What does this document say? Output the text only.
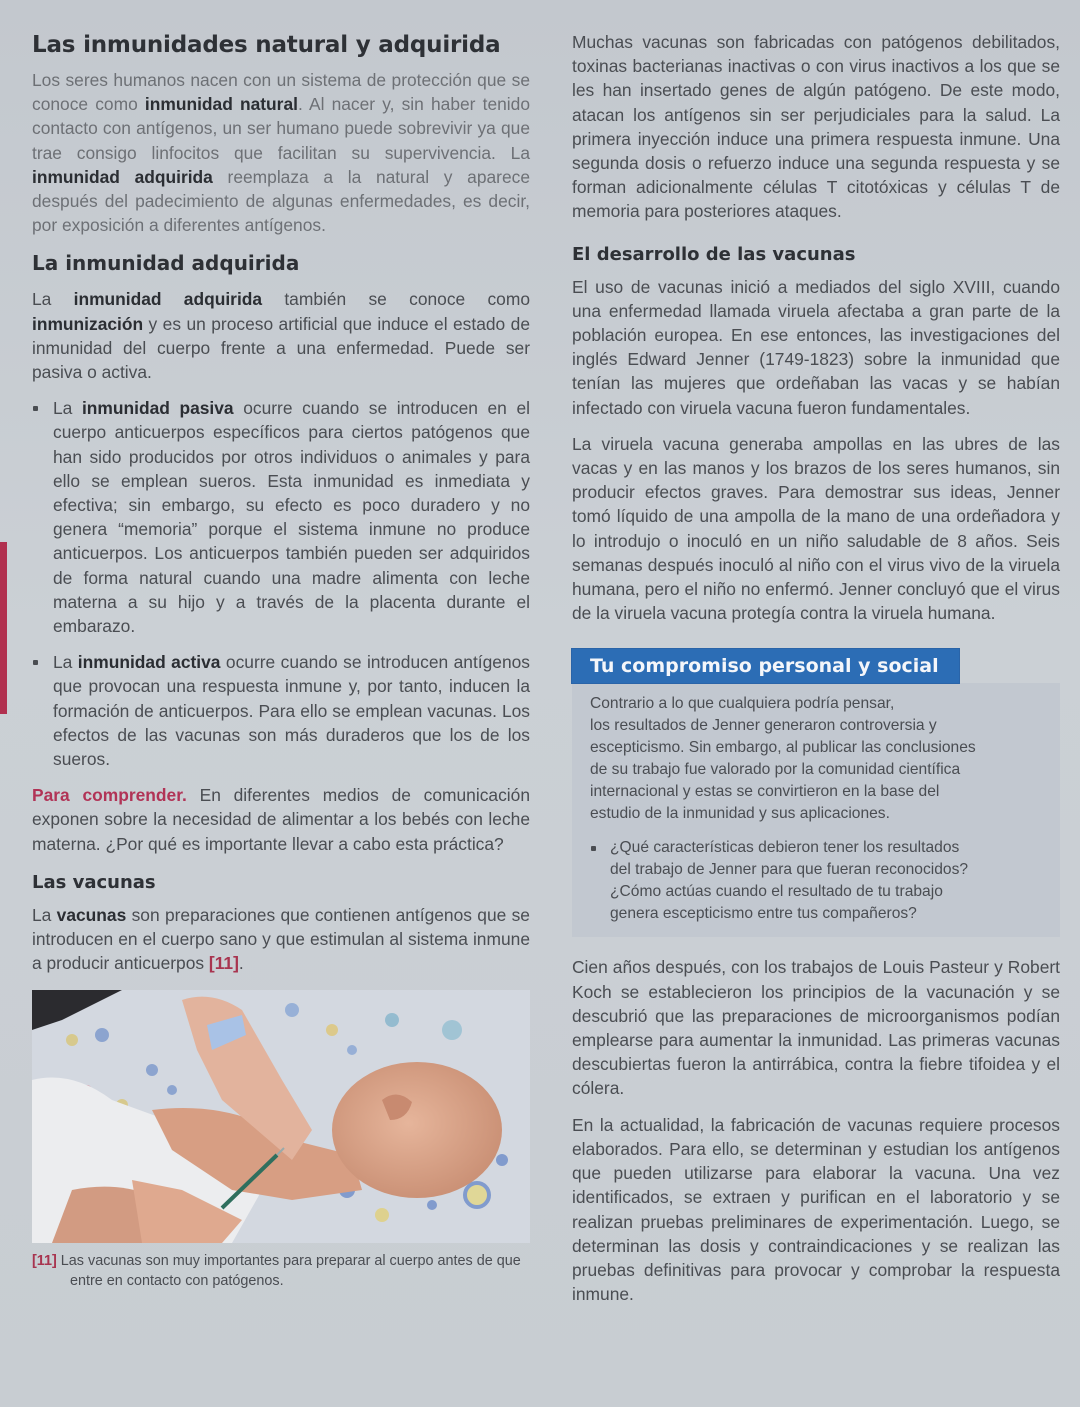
Las inmunidades natural y adquirida

Los seres humanos nacen con un sistema de protección que se conoce como inmunidad natural. Al nacer y, sin haber tenido contacto con antígenos, un ser humano puede sobrevivir ya que trae consigo linfocitos que facilitan su supervivencia. La inmunidad adquirida reemplaza a la natural y aparece después del padecimiento de algunas enfermedades, es decir, por exposición a diferentes antígenos.

La inmunidad adquirida

La inmunidad adquirida también se conoce como inmunización y es un proceso artificial que induce el estado de inmunidad del cuerpo frente a una enfermedad. Puede ser pasiva o activa.

La inmunidad pasiva ocurre cuando se introducen en el cuerpo anticuerpos específicos para ciertos patógenos que han sido producidos por otros individuos o animales y para ello se emplean sueros. Esta inmunidad es inmediata y efectiva; sin embargo, su efecto es poco duradero y no genera “memoria” porque el sistema inmune no produce anticuerpos. Los anticuerpos también pueden ser adquiridos de forma natural cuando una madre alimenta con leche materna a su hijo y a través de la placenta durante el embarazo.

La inmunidad activa ocurre cuando se introducen antígenos que provocan una respuesta inmune y, por tanto, inducen la formación de anticuerpos. Para ello se emplean vacunas. Los efectos de las vacunas son más duraderos que los de los sueros.

Para comprender. En diferentes medios de comunicación exponen sobre la necesidad de alimentar a los bebés con leche materna. ¿Por qué es importante llevar a cabo esta práctica?

Las vacunas

La vacunas son preparaciones que contienen antígenos que se introducen en el cuerpo sano y que estimulan al sistema inmune a producir anticuerpos [11].

[11] Las vacunas son muy importantes para preparar al cuerpo antes de que entre en contacto con patógenos.

Muchas vacunas son fabricadas con patógenos debilitados, toxinas bacterianas inactivas o con virus inactivos a los que se les han insertado genes de algún patógeno. De este modo, atacan los antígenos sin ser perjudiciales para la salud. La primera inyección induce una primera respuesta inmune. Una segunda dosis o refuerzo induce una segunda respuesta y se forman adicionalmente células T citotóxicas y células T de memoria para posteriores ataques.

El desarrollo de las vacunas

El uso de vacunas inició a mediados del siglo XVIII, cuando una enfermedad llamada viruela afectaba a gran parte de la población europea. En ese entonces, las investigaciones del inglés Edward Jenner (1749-1823) sobre la inmunidad que tenían las mujeres que ordeñaban las vacas y se habían infectado con viruela vacuna fueron fundamentales.

La viruela vacuna generaba ampollas en las ubres de las vacas y en las manos y los brazos de los seres humanos, sin producir efectos graves. Para demostrar sus ideas, Jenner tomó líquido de una ampolla de la mano de una ordeñadora y lo introdujo o inoculó en un niño saludable de 8 años. Seis semanas después inoculó al niño con el virus vivo de la viruela humana, pero el niño no enfermó. Jenner concluyó que el virus de la viruela vacuna protegía contra la viruela humana.

Tu compromiso personal y social

Contrario a lo que cualquiera podría pensar,
los resultados de Jenner generaron controversia y
escepticismo. Sin embargo, al publicar las conclusiones
de su trabajo fue valorado por la comunidad científica
internacional y estas se convirtieron en la base del
estudio de la inmunidad y sus aplicaciones.

¿Qué características debieron tener los resultados
del trabajo de Jenner para que fueran reconocidos?
¿Cómo actúas cuando el resultado de tu trabajo
genera escepticismo entre tus compañeros?

Cien años después, con los trabajos de Louis Pasteur y Robert Koch se establecieron los principios de la vacunación y se descubrió que las preparaciones de microorganismos podían emplearse para aumentar la inmunidad. Las primeras vacunas descubiertas fueron la antirrábica, contra la fiebre tifoidea y el cólera.

En la actualidad, la fabricación de vacunas requiere procesos elaborados. Para ello, se determinan y estudian los antígenos que pueden utilizarse para elaborar la vacuna. Una vez identificados, se extraen y purifican en el laboratorio y se realizan pruebas preliminares de experimentación. Luego, se determinan las dosis y contraindicaciones y se realizan las pruebas definitivas para provocar y comprobar la respuesta inmune.
